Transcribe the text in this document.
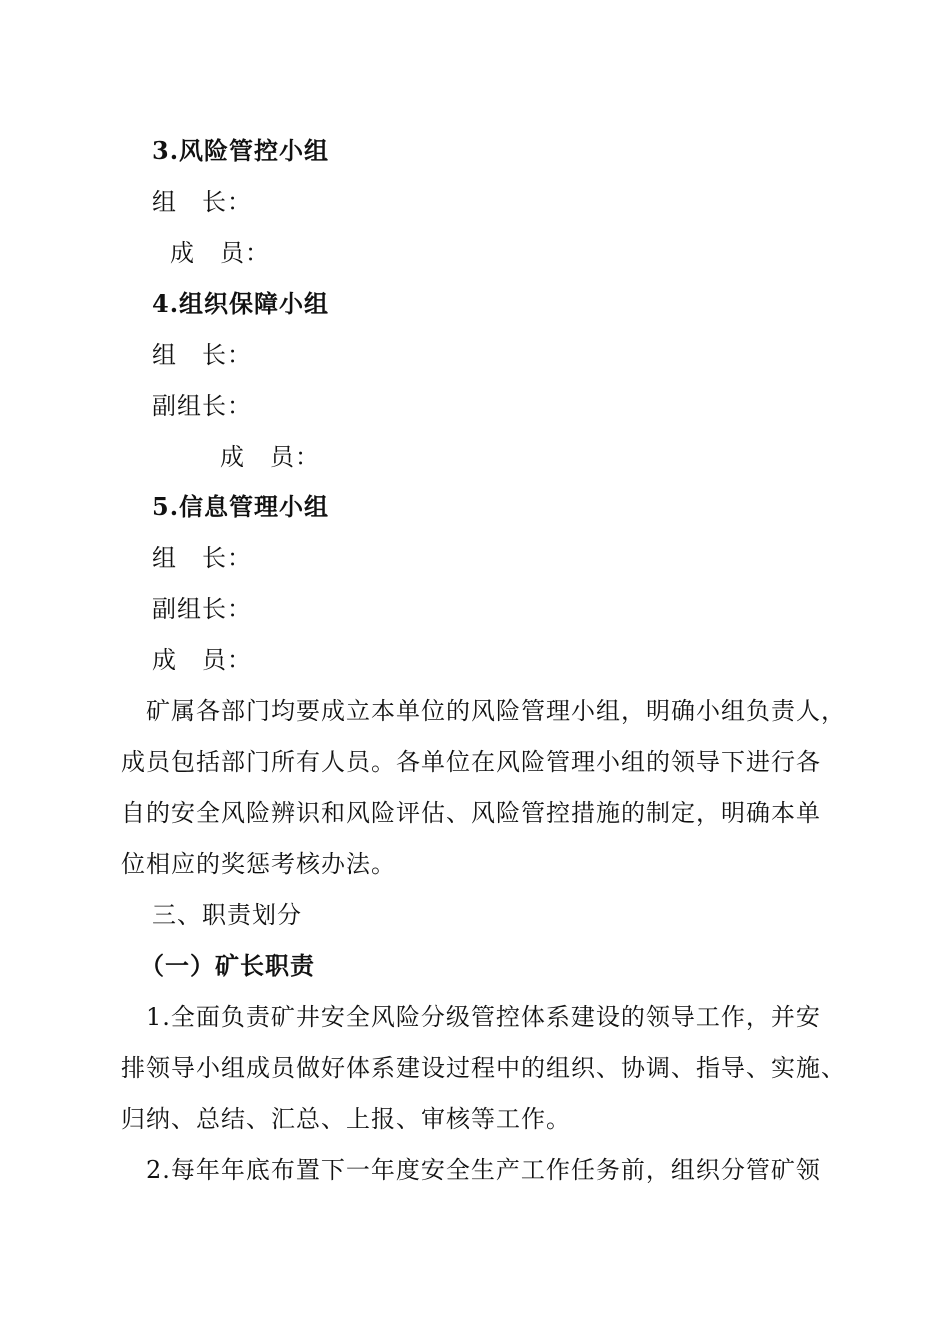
3.风险管控小组
组　长：
成　员：
4.组织保障小组
组　长：
副组长：
成　员：
5.信息管理小组
组　长：
副组长：
成　员：
　矿属各部门均要成立本单位的风险管理小组，明确小组负责人，
成员包括部门所有人员。各单位在风险管理小组的领导下进行各
自的安全风险辨识和风险评估、风险管控措施的制定，明确本单
位相应的奖惩考核办法。
三、职责划分
（一）矿长职责
　1.全面负责矿井安全风险分级管控体系建设的领导工作，并安
排领导小组成员做好体系建设过程中的组织、协调、指导、实施、
归纳、总结、汇总、上报、审核等工作。
　2.每年年底布置下一年度安全生产工作任务前，组织分管矿领
